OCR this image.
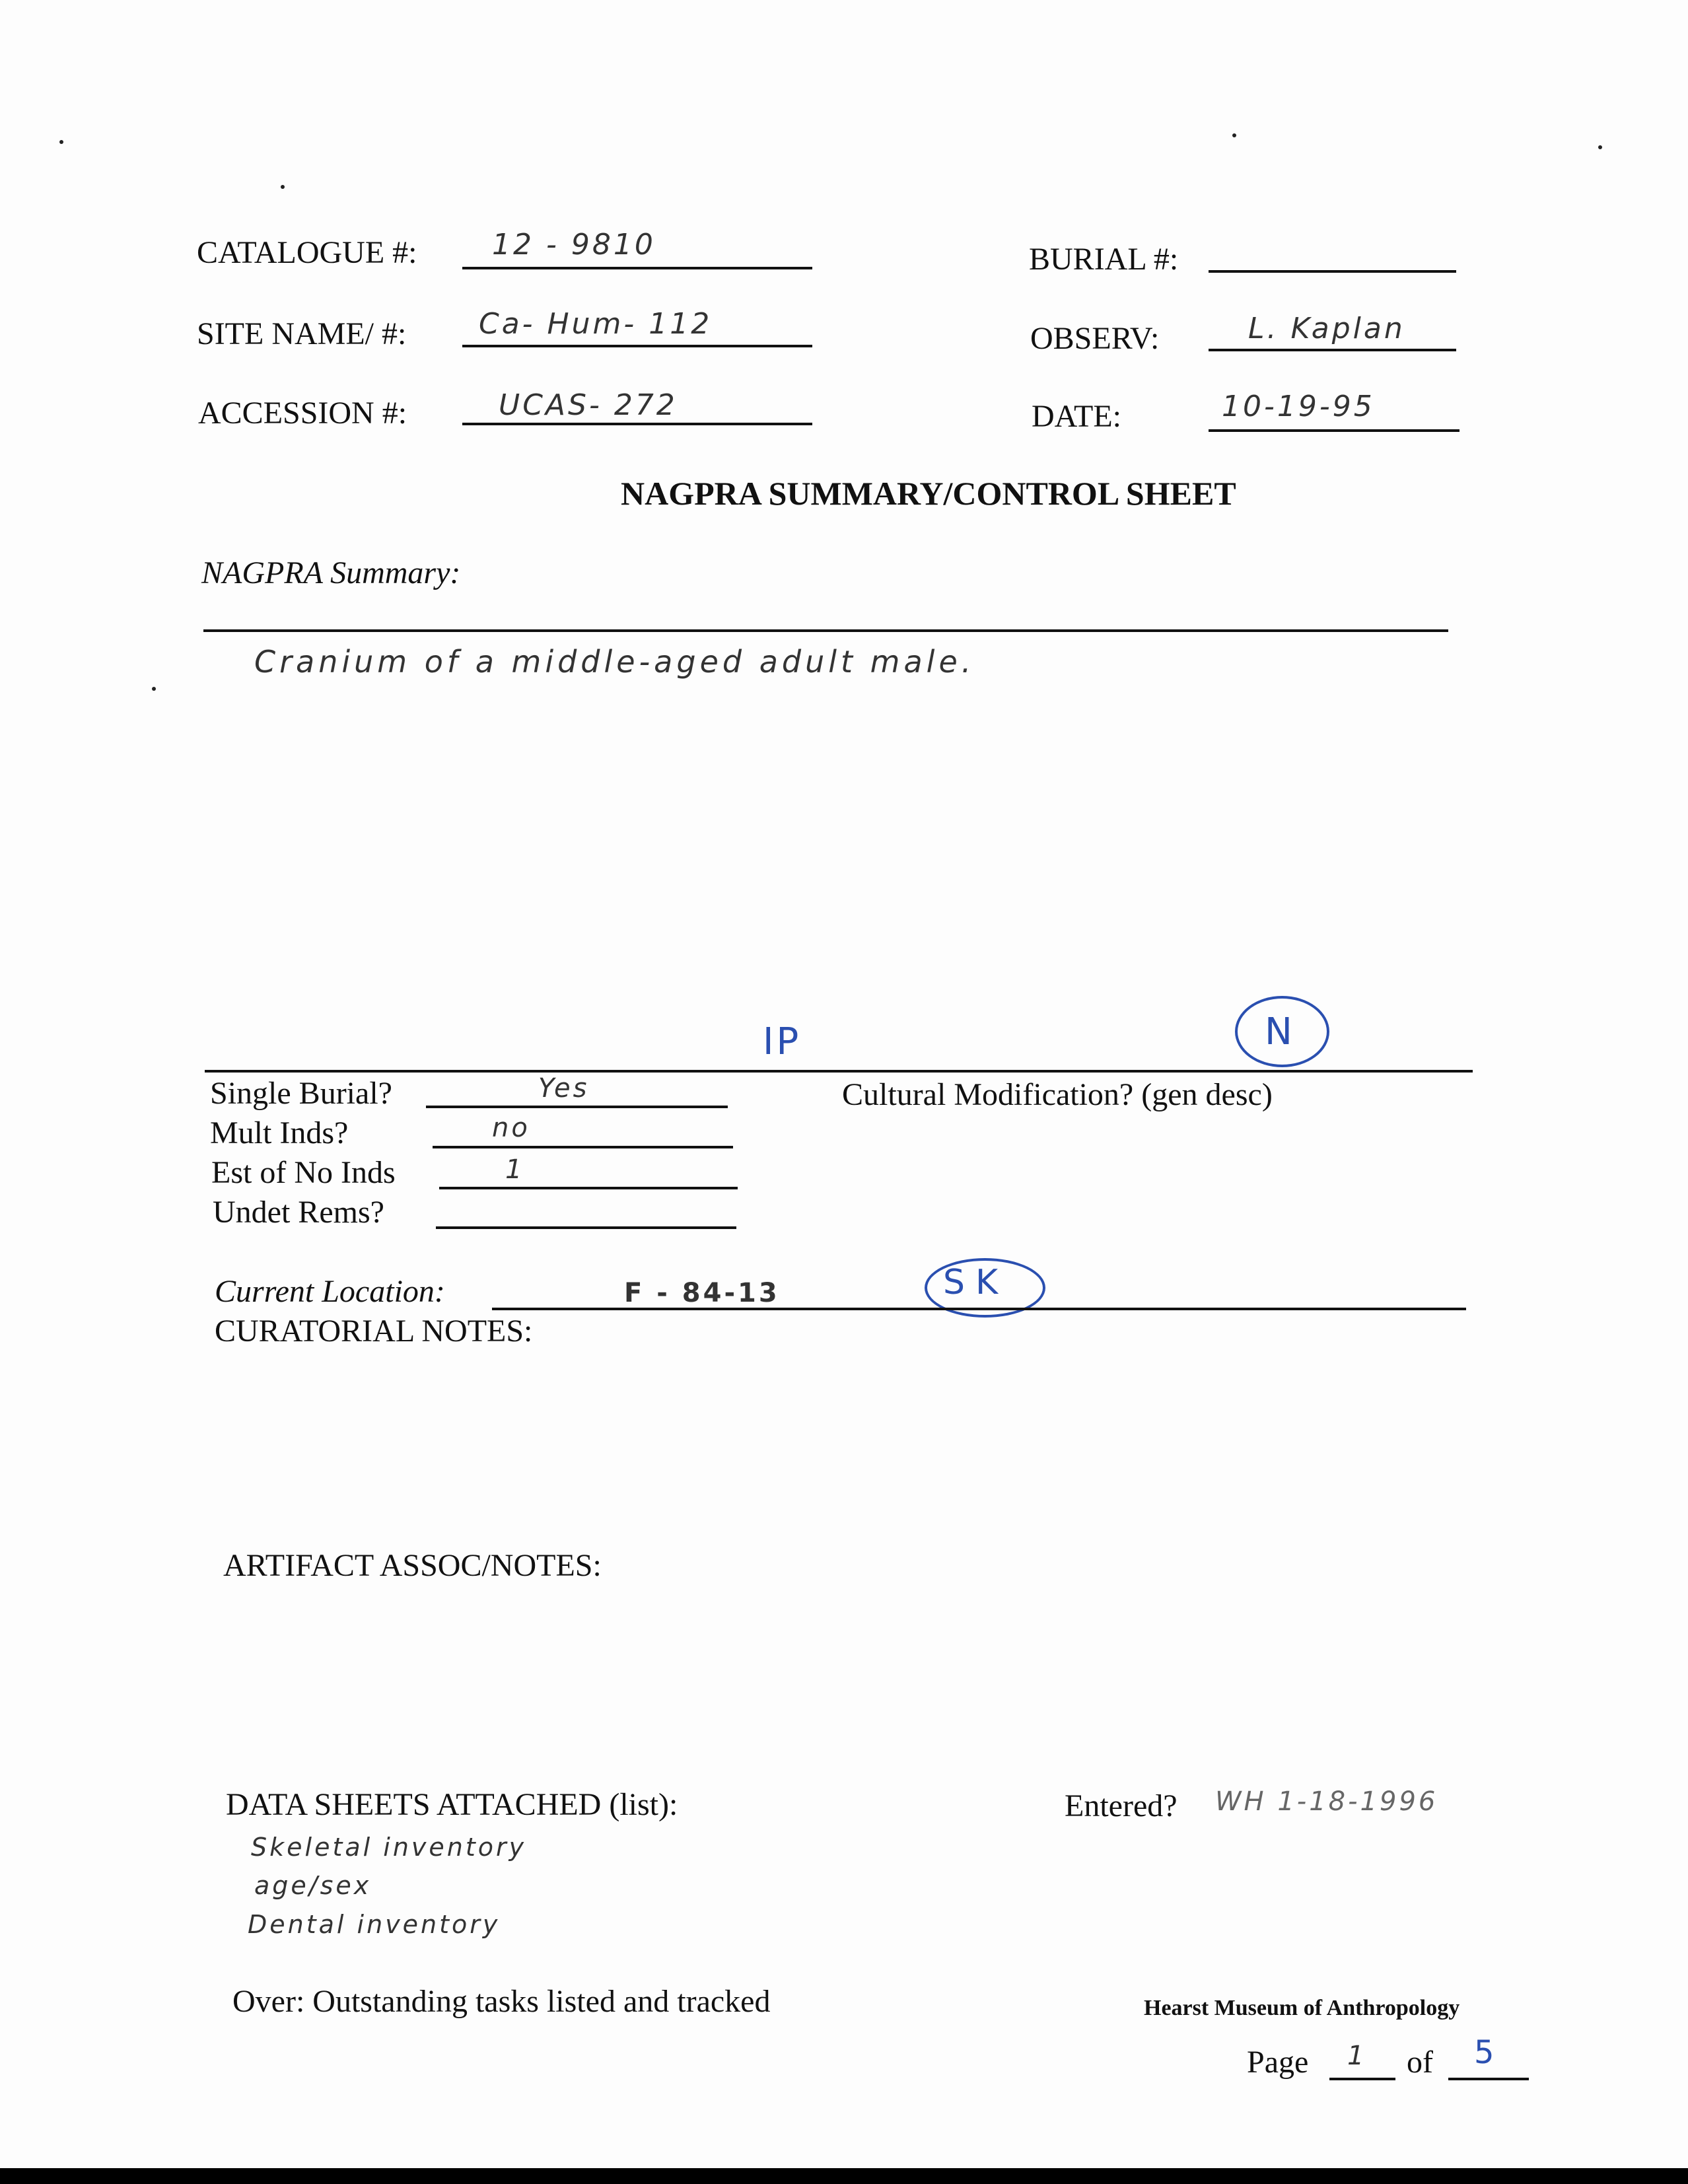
CATALOGUE #:	12 - 9810
SITE NAME/ #: Ca- Hum- 112
ACCESSION #:	UCAS- 272
BURIAL #:
OBSERV:	L. Kaplan
DATE:	10-19-95
NAGPRA SUMMARY/CONTROL SHEET
NAGPRA Summary:
Cranium of a middle-aged adult male.
IP	N
Single Burial?	Yes	Cultural Modification? (gen desc)
Mult Inds?	no
Est of No Inds	1
Undet Rems?
Current Location:	F - 84-13	SK
CURATORIAL NOTES:
ARTIFACT ASSOC/NOTES:
DATA SHEETS ATTACHED (list):
Skeletal inventory
age/sex
Dental inventory
Entered? WH 1-18-1996
Over: Outstanding tasks listed and tracked	Hearst Museum of Anthropology
Page 1 of 5
